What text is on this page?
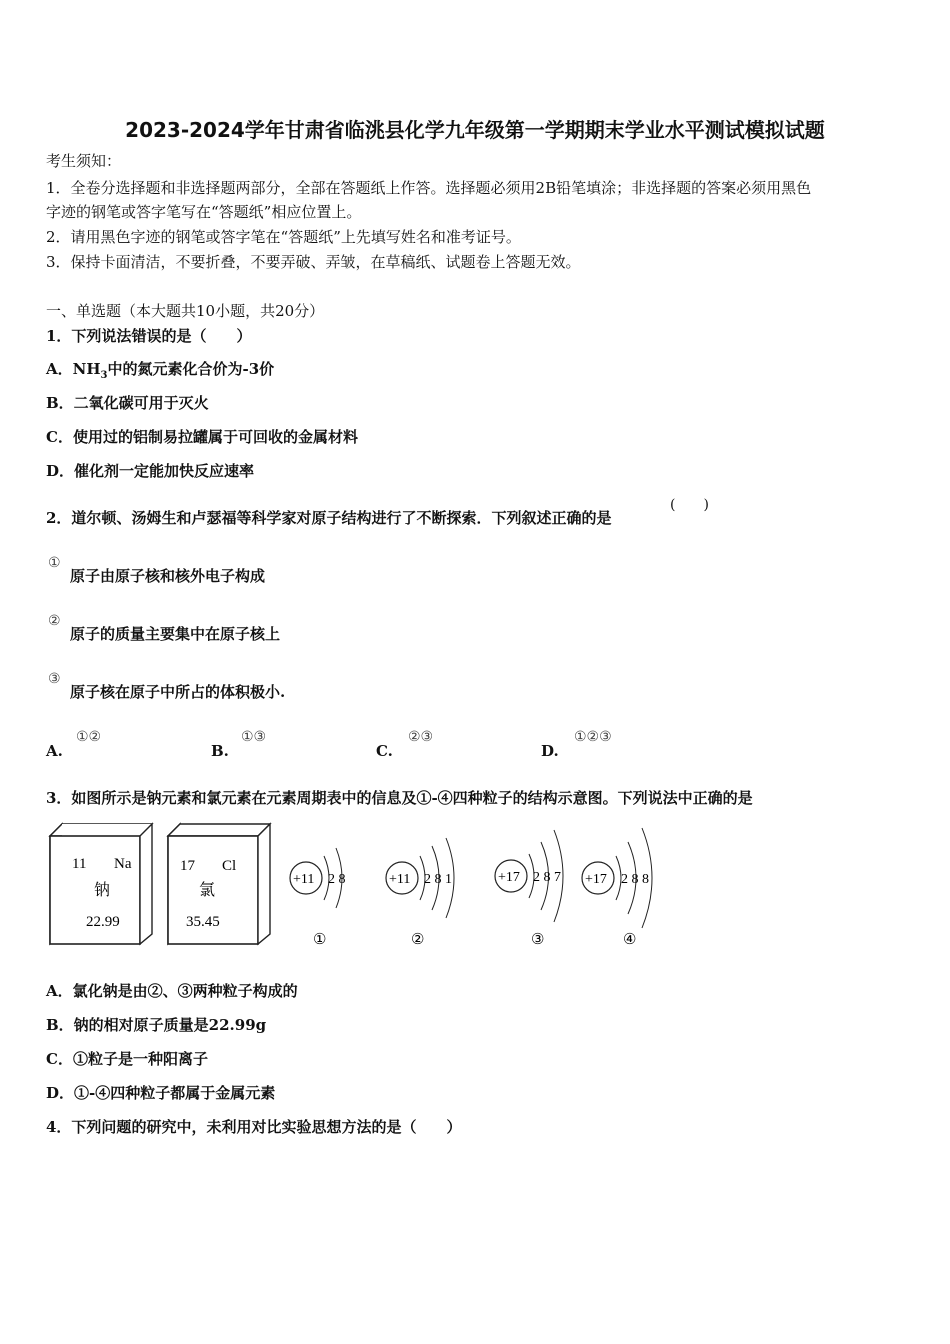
2023-2024学年甘肃省临洮县化学九年级第一学期期末学业水平测试模拟试题
考生须知：
1．全卷分选择题和非选择题两部分，全部在答题纸上作答。选择题必须用2B铅笔填涂；非选择题的答案必须用黑色
字迹的钢笔或答字笔写在“答题纸”相应位置上。
2．请用黑色字迹的钢笔或答字笔在“答题纸”上先填写姓名和准考证号。
3．保持卡面清洁，不要折叠，不要弄破、弄皱，在草稿纸、试题卷上答题无效。
一、单选题（本大题共10小题，共20分）
1．下列说法错误的是（　　）
A．$NH_3$中的氮元素化合价为-3价
B．二氧化碳可用于灭火
C．使用过的铝制易拉罐属于可回收的金属材料
D．催化剂一定能加快反应速率
2．道尔顿、汤姆生和卢瑟福等科学家对原子结构进行了不断探索．下列叙述正确的是
(　　)
①
原子由原子核和核外电子构成
②
原子的质量主要集中在原子核上
③
原子核在原子中所占的体积极小.
A.
①②
B.
①③
C.
②③
D.
①②③
3．如图所示是钠元素和氯元素在元素周期表中的信息及①-④四种粒子的结构示意图。下列说法中正确的是
11 Na
钠
22.99
17 Cl
氯
35.45
+11 2 8
①
+11 2 8 1
②
+17 2 8 7
③
+17 2 8 8
④
A．氯化钠是由②、③两种粒子构成的
B．钠的相对原子质量是22.99g
C．①粒子是一种阳离子
D．①-④四种粒子都属于金属元素
4．下列问题的研究中，未利用对比实验思想方法的是（　　）
